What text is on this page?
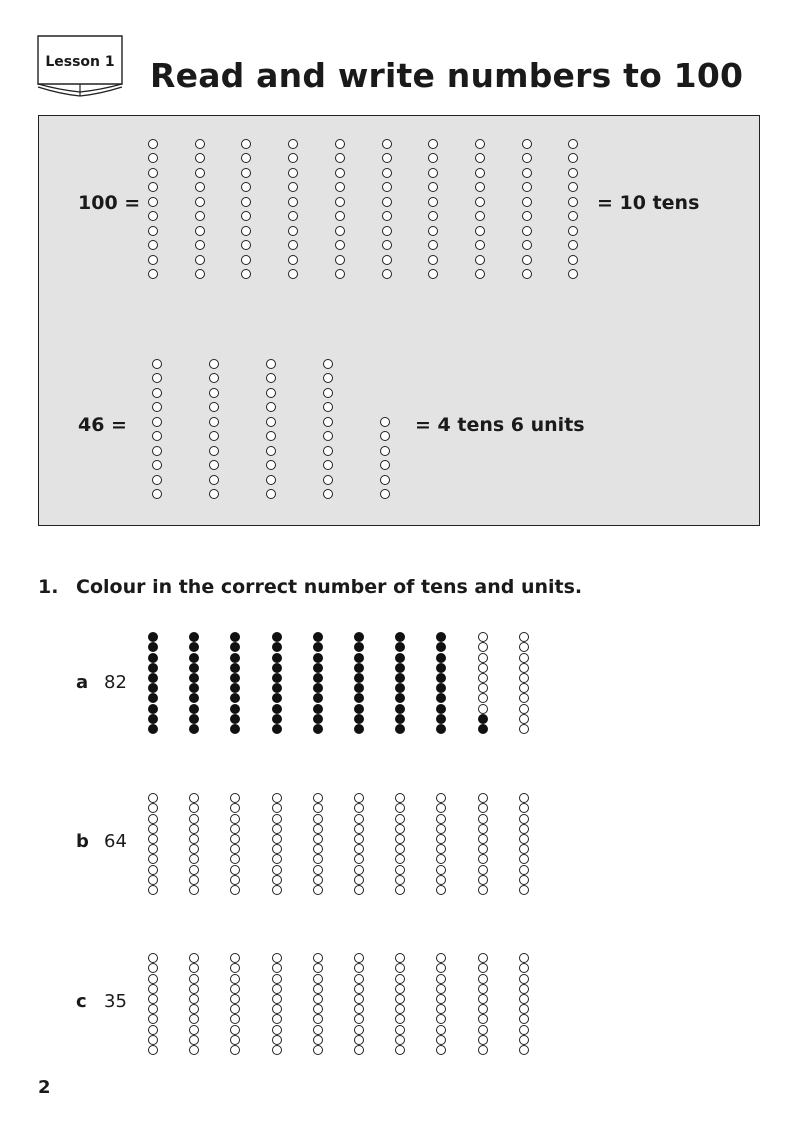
Lesson 1 Read and write numbers to 100
100 =	= 10 tens
46 =	= 4 tens 6 units
1. Colour in the correct number of tens and units.
a 82
b 64
c 35
2
